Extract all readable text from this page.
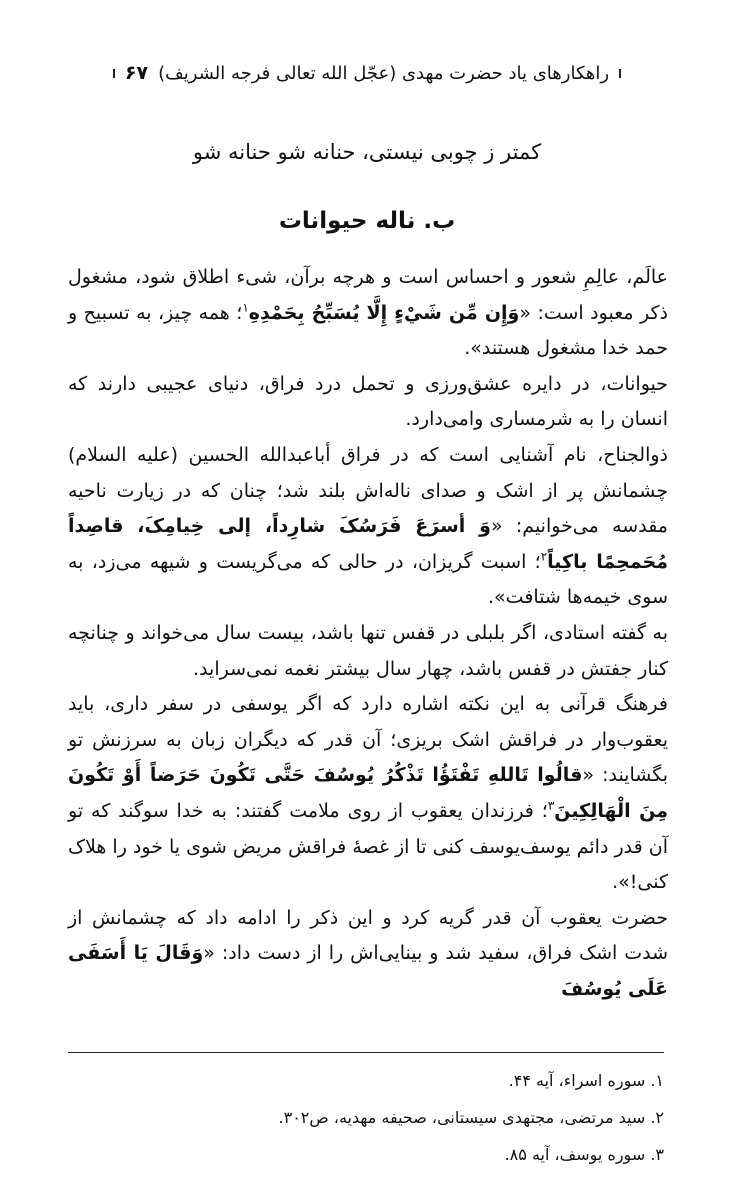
راهکارهای یاد حضرت مهدی (عجّل الله تعالی فرجه الشریف)
۶۷
کمتر ز چوبی نیستی، حنانه شو حنانه شو
ب. ناله حیوانات

عالَم، عالِمِ شعور و احساس است و هرچه برآن، شیء اطلاق شود، مشغول ذکر معبود است: «وَإِن مِّن شَيْءٍ إِلَّا يُسَبِّحُ بِحَمْدِهِ$^۱$؛ همه چیز، به تسبیح و حمد خدا مشغول هستند».

حیوانات، در دایره عشق‌ورزی و تحمل درد فراق، دنیای عجیبی دارند که انسان را به شرمساری وامی‌دارد.

ذوالجناح، نام آشنایی است که در فراق أباعبدالله الحسین (علیه السلام) چشمانش پر از اشک و صدای ناله‌اش بلند شد؛ چنان که در زیارت ناحیه مقدسه می‌خوانیم: «وَ أسرَعَ فَرَسُکَ شارِداً، إلی خِیامِکَ، قاصِداً مُحَمحِمًا باکِیاً$^۲$؛ اسبت گریزان، در حالی که می‌گریست و شیهه می‌زد، به سوی خیمه‌ها شتافت».

به گفته استادی، اگر بلبلی در قفس تنها باشد، بیست سال می‌خواند و چنانچه کنار جفتش در قفس باشد، چهار سال بیشتر نغمه نمی‌سراید.

فرهنگ قرآنی به این نکته اشاره دارد که اگر یوسفی در سفر داری، باید یعقوب‌وار در فراقش اشک بریزی؛ آن قدر که دیگران زبان به سرزنش تو بگشایند: «قالُوا تَاللهِ تَفْتَؤُا تَذْكُرُ يُوسُفَ حَتَّى تَكُونَ حَرَضاً أَوْ تَكُونَ مِنَ الْهَالِكِينَ$^۳$؛ فرزندان یعقوب از روی ملامت گفتند: به خدا سوگند که تو آن قدر دائم یوسف‌یوسف کنی تا از غصهٔ فراقش مریض شوی یا خود را هلاک کنی!».

حضرت یعقوب آن قدر گریه کرد و این ذکر را ادامه داد که چشمانش از شدت اشک فراق، سفید شد و بینایی‌اش را از دست داد: «وَقَالَ يَا أَسَفَى عَلَى يُوسُفَ

۱. سوره اسراء، آیه ۴۴.

۲. سید مرتضی، مجتهدی سیستانی، صحیفه مهدیه، ص۳۰۲.

۳. سوره یوسف، آیه ۸۵.
